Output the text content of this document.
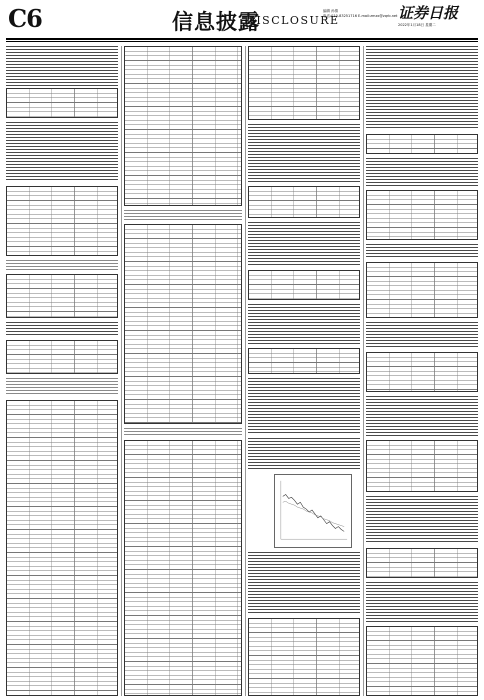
C6	信息披露
DISCLOSURE
编辑 孙倩
电话:010-83251716 E-mail:zmzx@zqrb.net 证券日报
2022年1月18日 星期二
